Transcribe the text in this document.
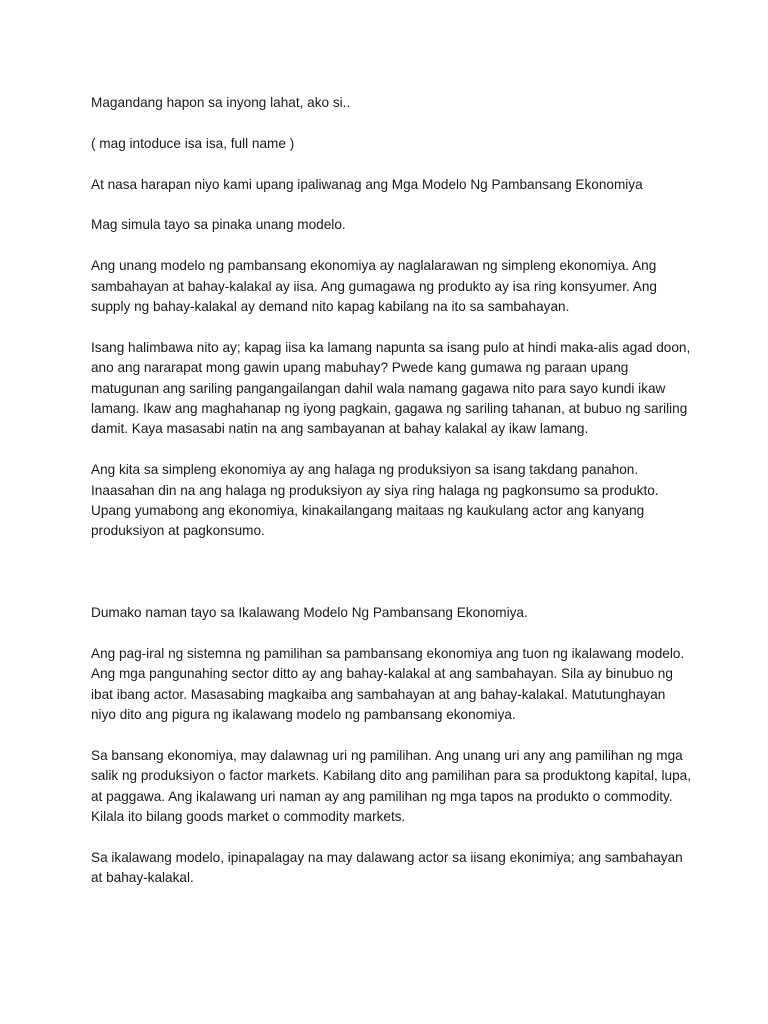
Magandang hapon sa inyong lahat, ako si..

( mag intoduce isa isa, full name )

At nasa harapan niyo kami upang ipaliwanag ang Mga Modelo Ng Pambansang Ekonomiya

Mag simula tayo sa pinaka unang modelo.

Ang unang modelo ng pambansang ekonomiya ay naglalarawan ng simpleng ekonomiya. Ang sambahayan at bahay-kalakal ay iisa. Ang gumagawa ng produkto ay isa ring konsyumer. Ang supply ng bahay-kalakal ay demand nito kapag kabilang na ito sa sambahayan.

Isang halimbawa nito ay; kapag iisa ka lamang napunta sa isang pulo at hindi maka-alis agad doon, ano ang nararapat mong gawin upang mabuhay? Pwede kang gumawa ng paraan upang matugunan ang sariling pangangailangan dahil wala namang gagawa nito para sayo kundi ikaw lamang. Ikaw ang maghahanap ng iyong pagkain, gagawa ng sariling tahanan, at bubuo ng sariling damit. Kaya masasabi natin na ang sambayanan at bahay kalakal ay ikaw lamang.

Ang kita sa simpleng ekonomiya ay ang halaga ng produksiyon sa isang takdang panahon. Inaasahan din na ang halaga ng produksiyon ay siya ring halaga ng pagkonsumo sa produkto. Upang yumabong ang ekonomiya, kinakailangang maitaas ng kaukulang actor ang kanyang produksiyon at pagkonsumo.

Dumako naman tayo sa Ikalawang Modelo Ng Pambansang Ekonomiya.

Ang pag-iral ng sistemna ng pamilihan sa pambansang ekonomiya ang tuon ng ikalawang modelo. Ang mga pangunahing sector ditto ay ang bahay-kalakal at ang sambahayan. Sila ay binubuo ng ibat ibang actor. Masasabing magkaiba ang sambahayan at ang bahay-kalakal. Matutunghayan niyo dito ang pigura ng ikalawang modelo ng pambansang ekonomiya.

Sa bansang ekonomiya, may dalawnag uri ng pamilihan. Ang unang uri any ang pamilihan ng mga salik ng produksiyon o factor markets. Kabilang dito ang pamilihan para sa produktong kapital, lupa, at paggawa. Ang ikalawang uri naman ay ang pamilihan ng mga tapos na produkto o commodity. Kilala ito bilang goods market o commodity markets.

Sa ikalawang modelo, ipinapalagay na may dalawang actor sa iisang ekonimiya; ang sambahayan at bahay-kalakal.
